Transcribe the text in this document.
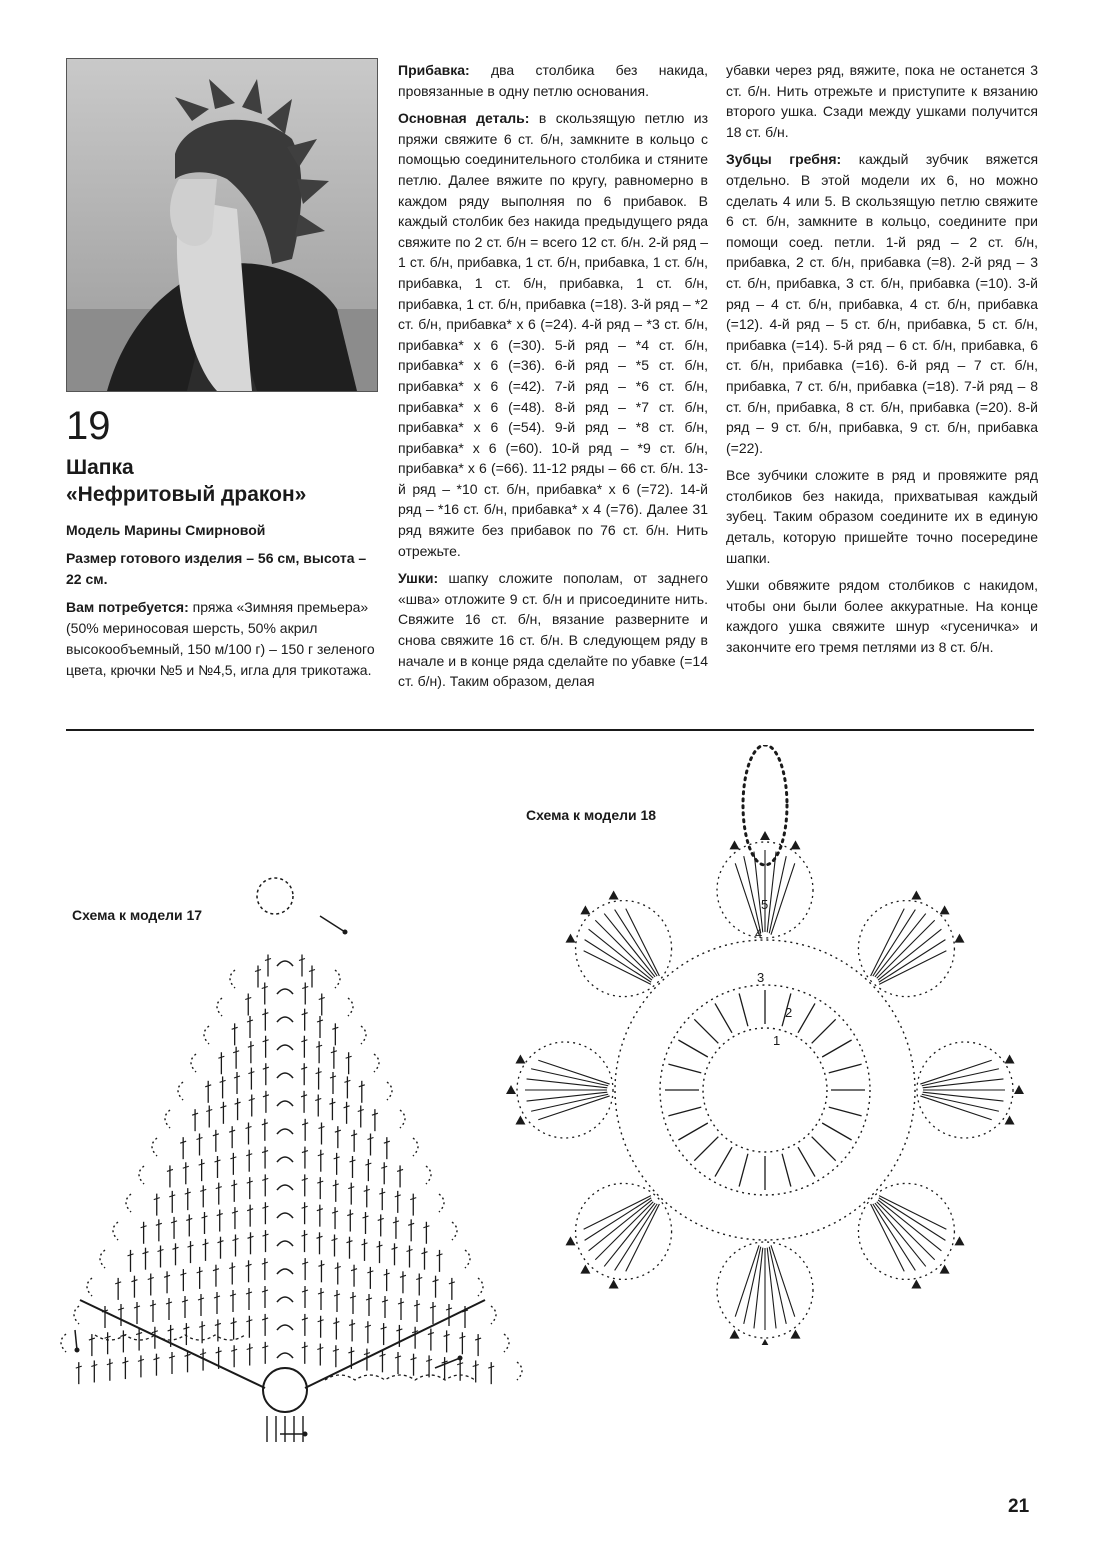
19

Шапка
«Нефритовый дракон»

Модель Марины Смирновой

Размер готового изделия – 56 см, высота – 22 см.

Вам потребуется: пряжа «Зимняя премьера» (50% мериносовая шерсть, 50% акрил высокообъемный, 150 м/100 г) – 150 г зеленого цвета, крючки №5 и №4,5, игла для трикотажа.

Прибавка: два столбика без накида, провязанные в одну петлю основания.

Основная деталь: в скользящую петлю из пряжи свяжите 6 ст. б/н, замкните в кольцо с помощью соединительного столбика и стяните петлю. Далее вяжите по кругу, равномерно в каждом ряду выполняя по 6 прибавок. В каждый столбик без накида предыдущего ряда свяжите по 2 ст. б/н = всего 12 ст. б/н. 2-й ряд – 1 ст. б/н, прибавка, 1 ст. б/н, прибавка, 1 ст. б/н, прибавка, 1 ст. б/н, прибавка, 1 ст. б/н, прибавка, 1 ст. б/н, прибавка (=18). 3-й ряд – *2 ст. б/н, прибавка* x 6 (=24). 4-й ряд – *3 ст. б/н, прибавка* x 6 (=30). 5-й ряд – *4 ст. б/н, прибавка* x 6 (=36). 6-й ряд – *5 ст. б/н, прибавка* x 6 (=42). 7-й ряд – *6 ст. б/н, прибавка* x 6 (=48). 8-й ряд – *7 ст. б/н, прибавка* x 6 (=54). 9-й ряд – *8 ст. б/н, прибавка* x 6 (=60). 10-й ряд – *9 ст. б/н, прибавка* x 6 (=66). 11-12 ряды – 66 ст. б/н. 13-й ряд – *10 ст. б/н, прибавка* x 6 (=72). 14-й ряд – *16 ст. б/н, прибавка* x 4 (=76). Далее 31 ряд вяжите без прибавок по 76 ст. б/н. Нить отрежьте.

Ушки: шапку сложите пополам, от заднего «шва» отложите 9 ст. б/н и присоедините нить. Свяжите 16 ст. б/н, вязание разверните и снова свяжите 16 ст. б/н. В следующем ряду в начале и в конце ряда сделайте по убавке (=14 ст. б/н). Таким образом, делая

убавки через ряд, вяжите, пока не останется 3 ст. б/н. Нить отрежьте и приступите к вязанию второго ушка. Сзади между ушками получится 18 ст. б/н.

Зубцы гребня: каждый зубчик вяжется отдельно. В этой модели их 6, но можно сделать 4 или 5. В скользящую петлю свяжите 6 ст. б/н, замкните в кольцо, соедините при помощи соед. петли. 1-й ряд – 2 ст. б/н, прибавка, 2 ст. б/н, прибавка (=8). 2-й ряд – 3 ст. б/н, прибавка, 3 ст. б/н, прибавка (=10). 3-й ряд – 4 ст. б/н, прибавка, 4 ст. б/н, прибавка (=12). 4-й ряд – 5 ст. б/н, прибавка, 5 ст. б/н, прибавка (=14). 5-й ряд – 6 ст. б/н, прибавка, 6 ст. б/н, прибавка (=16). 6-й ряд – 7 ст. б/н, прибавка, 7 ст. б/н, прибавка (=18). 7-й ряд – 8 ст. б/н, прибавка, 8 ст. б/н, прибавка (=20). 8-й ряд – 9 ст. б/н, прибавка, 9 ст. б/н, прибавка (=22).

Все зубчики сложите в ряд и провяжите ряд столбиков без накида, прихватывая каждый зубец. Таким образом соедините их в единую деталь, которую пришейте точно посередине шапки.

Ушки обвяжите рядом столбиков с накидом, чтобы они были более аккуратные. На конце каждого ушка свяжите шнур «гусеничка» и закончите его тремя петлями из 8 ст. б/н.

Схема к модели 17

Схема к модели 18

1
2
3
4
5

21
